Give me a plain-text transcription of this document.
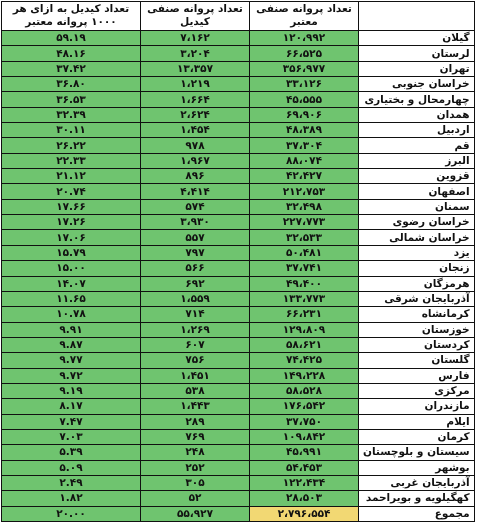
	تعداد پروانه صنفی معتبر	تعداد پروانه صنفی کیدیل	تعداد کیدیل به ازای هر ۱۰۰۰ پروانه معتبر
گیلان	۱۲۰،۹۹۲	۷،۱۶۲	۵۹.۱۹
لرستان	۶۶،۵۲۵	۳،۲۰۴	۴۸.۱۶
تهران	۳۵۶،۹۷۷	۱۳،۳۵۷	۳۷.۴۲
خراسان جنوبی	۳۳،۱۲۶	۱،۲۱۹	۳۶.۸۰
چهارمحال و بختیاری	۴۵،۵۵۵	۱،۶۶۴	۳۶.۵۳
همدان	۶۹،۹۰۶	۲،۶۲۴	۳۲.۳۹
اردبیل	۴۸،۳۸۹	۱،۴۵۴	۳۰.۱۱
قم	۳۷،۳۰۴	۹۷۸	۲۶.۲۲
البرز	۸۸،۰۷۴	۱،۹۶۷	۲۲.۳۳
قزوین	۴۲،۴۲۷	۸۹۶	۲۱.۱۲
اصفهان	۲۱۲،۷۵۳	۴،۴۱۴	۲۰.۷۴
سمنان	۳۲،۴۹۸	۵۷۴	۱۷.۶۶
خراسان رضوی	۲۲۷،۷۷۳	۳،۹۳۰	۱۷.۲۶
خراسان شمالی	۳۲،۵۳۳	۵۵۷	۱۷.۰۶
یزد	۵۰،۴۸۱	۷۹۷	۱۵.۷۹
زنجان	۳۷،۷۴۱	۵۶۶	۱۵.۰۰
هرمزگان	۴۹،۴۰۰	۶۹۲	۱۴.۰۷
آذربایجان شرقی	۱۳۳،۷۷۳	۱،۵۵۹	۱۱.۶۵
کرمانشاه	۶۶،۲۳۱	۷۱۴	۱۰.۷۸
خوزستان	۱۲۹،۸۰۹	۱،۲۶۹	۹.۹۱
کردستان	۵۸،۶۲۱	۶۰۷	۹.۸۷
گلستان	۷۴،۴۲۵	۷۵۶	۹.۷۷
فارس	۱۴۹،۲۲۸	۱،۴۵۱	۹.۷۲
مرکزی	۵۸،۵۲۸	۵۳۸	۹.۱۹
مازندران	۱۷۶،۵۴۲	۱،۴۴۳	۸.۱۷
ایلام	۳۷،۷۵۰	۲۸۹	۷.۴۷
کرمان	۱۰۹،۸۴۲	۷۶۹	۷.۰۳
سیستان و بلوچستان	۴۵،۹۹۱	۲۴۸	۵.۳۹
بوشهر	۵۴،۴۵۳	۲۵۲	۵.۰۹
آذربایجان غربی	۱۲۲،۴۳۴	۳۰۵	۲.۴۹
کهگیلویه و بویراحمد	۲۸،۵۰۳	۵۲	۱.۸۲
مجموع	۲،۷۹۶،۵۵۴	۵۵،۹۲۷	۲۰.۰۰
